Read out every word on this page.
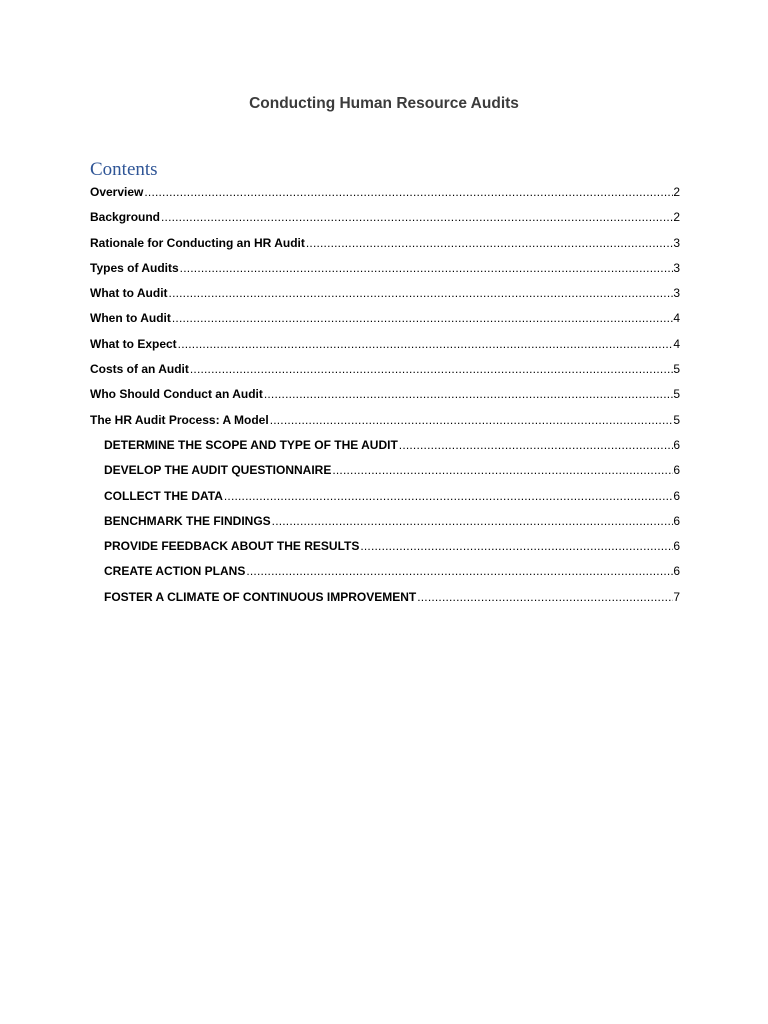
Conducting Human Resource Audits
Contents
Overview .....	2
Background .....	2
Rationale for Conducting an HR Audit .....	3
Types of Audits .....	3
What to Audit .....	3
When to Audit .....	4
What to Expect .....	4
Costs of an Audit .....	5
Who Should Conduct an Audit .....	5
The HR Audit Process: A Model .....	5
DETERMINE THE SCOPE AND TYPE OF THE AUDIT .....	6
DEVELOP THE AUDIT QUESTIONNAIRE .....	6
COLLECT THE DATA .....	6
BENCHMARK THE FINDINGS .....	6
PROVIDE FEEDBACK ABOUT THE RESULTS .....	6
CREATE ACTION PLANS .....	6
FOSTER A CLIMATE OF CONTINUOUS IMPROVEMENT .....	7
